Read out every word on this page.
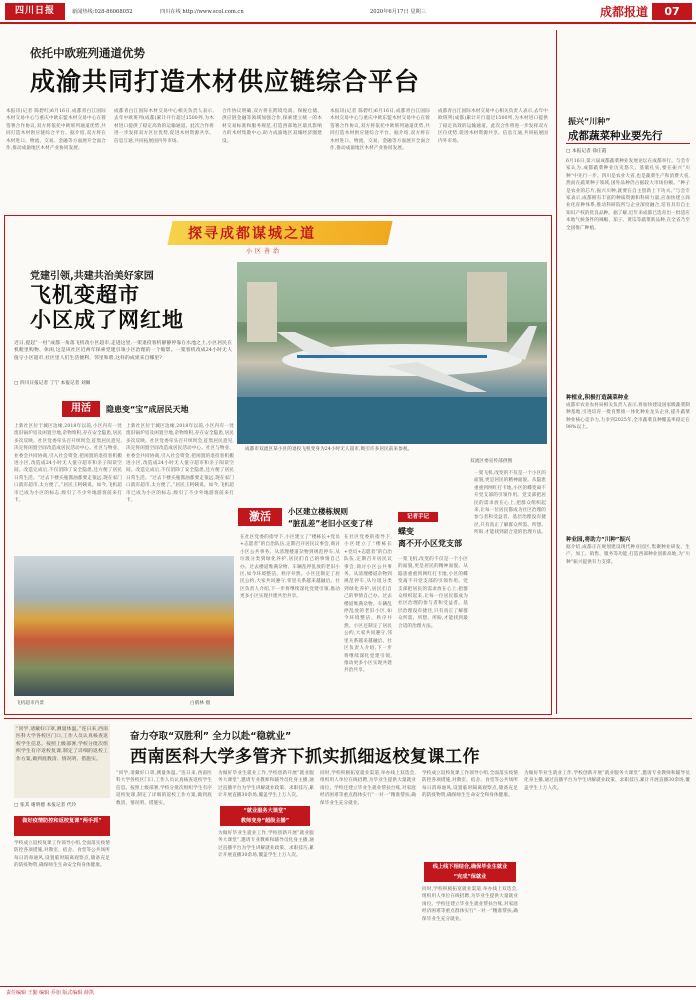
四川日报	新闻热线:028-86068052	四川在线 http://www.scol.com.cn	2020年6月17日 星期三	成都报道	07
依托中欧班列通道优势
成渝共同打造木材供应链综合平台
本报讯(记者 陈碧红)6月16日,成都青白江国际木材交易中心与重庆中欧东盟木材交易中心在蓉签署合作协议,双方将依托中欧班列通道优势,共同打造木材供应链综合平台。据介绍,双方将在木材进口、物流、交易、金融等方面展开全面合作,推动成渝地区木材产业协同发展。
成都青白江国际木材交易中心相关负责人表示,去年中欧班列(成都)累计开行超过1500列,为木材进口提供了稳定高效的运输通道。此次合作将进一步发挥双方区位优势,促进木材资源共享、信息互通,共同拓展国内外市场。
合作协议明确,双方将在跨境电商、保税仓储、供应链金融等领域加强合作,探索建立统一的木材交易标准和服务规范,打造西部地区最具影响力的木材集散中心,助力成渝地区双城经济圈建设。
本报讯(记者 陈碧红)6月16日,成都青白江国际木材交易中心与重庆中欧东盟木材交易中心在蓉签署合作协议,双方将依托中欧班列通道优势,共同打造木材供应链综合平台。据介绍,双方将在木材进口、物流、交易、金融等方面展开全面合作,推动成渝地区木材产业协同发展。
成都青白江国际木材交易中心相关负责人表示,去年中欧班列(成都)累计开行超过1500列,为木材进口提供了稳定高效的运输通道。此次合作将进一步发挥双方区位优势,促进木材资源共享、信息互通,共同拓展国内外市场。
振兴“川种”
成都蔬菜种业要先行
□ 本报记者 徐庄霞
6月16日,第六届成都蔬菜种业发展论坛在成都举行。与会专家认为,成都蔬菜种业历史悠久、基础扎实,要在振兴“川种”中先行一步。四川是农业大省,也是蔬菜生产和消费大省,然而在蔬菜种子领域,国外品种仍占据较大市场份额。“种子是农业的芯片,振兴川种,就要在自主创新上下功夫。”与会专家表示,成都拥有丰富的种质资源和科研力量,应加快建立商业化育种体系,推动科研院所与企业深度融合,培育具有自主知识产权的优良品种。据了解,近年来成都已选育出一批适应本地气候条件的辣椒、茄子、黄瓜等蔬菜新品种,在全省乃至全国推广种植。
种植业,积极打造蔬菜种业
成都市农业农村局相关负责人表示,将加快建设国家级蔬菜制种基地,引进培育一批育繁推一体化种业龙头企业,提升蔬菜种业核心竞争力,力争到2025年,全市蔬菜良种覆盖率稳定在98%以上。
种业园,将助力“川种”振兴
据介绍,成都正在规划建设现代种业园区,集聚种业研发、生产、加工、销售、服务等功能,打造西部种业创新高地,为“川种”振兴提供有力支撑。
探寻成都谋城之道
小区善治
党建引领,共建共治美好家园
飞机变超市
小区成了网红地
近日,提起“一村”成都一角落飞机改小区超市,走进这里,一架退役客机静静停靠在水池之上,小区居民在机舱里购物、休闲,这是该社区近两年探索党建引领小区治理的一个缩影。一架客机改成24小时无人值守小区超市,社区里人们生活便利、邻里和谐,这样的成果来自哪里?
□ 四川日报记者 丁宁 本报记者 刘佩
成都市双流区某小区的退役飞机变身为24小时无人超市,吸引许多居民前来参观。
双流区委宣传部供图
用活	隐患变“宝”成居民天地
上新社区位于城区边缘,2018年以前,小区内有一处废旧锅炉房及闲置空地,杂物堆积,存在安全隐患,居民多次反映。社区党委牵头召开坝坝会,征集居民意见,决定将闲置空间改造成居民活动中心。社区与物业、业委会共同协商,引入社会资金,把闲置的退役客机搬进小区,改造成24小时无人值守超市和亲子阅读空间。改造完成后,不仅消除了安全隐患,还方便了居民日常生活。“过去下楼买瓶酱油都要走很远,现在家门口就有超市,太方便了。”居民王阿姨说。如今,飞机超市已成为小区的标志,吸引了不少外地游客前来打卡。
上新社区位于城区边缘,2018年以前,小区内有一处废旧锅炉房及闲置空地,杂物堆积,存在安全隐患,居民多次反映。社区党委牵头召开坝坝会,征集居民意见,决定将闲置空间改造成居民活动中心。社区与物业、业委会共同协商,引入社会资金,把闲置的退役客机搬进小区,改造成24小时无人值守超市和亲子阅读空间。改造完成后,不仅消除了安全隐患,还方便了居民日常生活。“过去下楼买瓶酱油都要走很远,现在家门口就有超市,太方便了。”居民王阿姨说。如今,飞机超市已成为小区的标志,吸引了不少外地游客前来打卡。
飞机超市内景	白鹤林 摄
激活	小区建立楼栋规则
“脏乱差”老旧小区变了样
在社区党委的指导下,小区建立了“楼栋长+党员+志愿者”的自治队伍,定期召开居民议事会,商讨小区公共事务。从清理楼道杂物到规范停车,从垃圾分类到绿化养护,居民们自己的事情自己办。过去楼道堆满杂物、车辆乱停乱放的老旧小区,如今环境整洁、秩序井然。小区还制定了居民公约,大家共同遵守,邻里关系越来越融洽。社区负责人介绍,下一步将继续深化党建引领,推动更多小区实现共建共治共享。
在社区党委的指导下,小区建立了“楼栋长+党员+志愿者”的自治队伍,定期召开居民议事会,商讨小区公共事务。从清理楼道杂物到规范停车,从垃圾分类到绿化养护,居民们自己的事情自己办。过去楼道堆满杂物、车辆乱停乱放的老旧小区,如今环境整洁、秩序井然。小区还制定了居民公约,大家共同遵守,邻里关系越来越融洽。社区负责人介绍,下一步将继续深化党建引领,推动更多小区实现共建共治共享。
记者手记
蝶变
离不开小区党支部
一架飞机,改变的不仅是一个小区的面貌,更是居民的精神面貌。从隐患重重到网红打卡地,小区的蝶变离不开党支部的引领作用。党支部把居民的需求放在心上,把群众组织起来,让每一位居民都成为社区治理的参与者和受益者。基层治理没有捷径,只有真正了解群众所需、所想、所盼,才能找到最合适的治理方法。
一架飞机,改变的不仅是一个小区的面貌,更是居民的精神面貌。从隐患重重到网红打卡地,小区的蝶变离不开党支部的引领作用。党支部把居民的需求放在心上,把群众组织起来,让每一位居民都成为社区治理的参与者和受益者。基层治理没有捷径,只有真正了解群众所需、所想、所盼,才能找到最合适的治理方法。
“同学,请戴好口罩,测量体温。”连日来,西南医科大学各校区门口,工作人员认真核查返校学生信息。按照上级部署,学校分批次组织学生有序返校复课,制定了详细的返校工作方案,做到底数清、情况明、措施实。
□ 张其 谢明德 本报记者 代玲
奋力夺取“双胜利” 全力以赴“稳就业”
西南医科大学多管齐下抓实抓细返校复课工作
做好疫情防控和返校复课“两手抓”
学校成立返校复课工作领导小组,全面落实疫情防控各项措施,对教室、宿舍、食堂等公共场所每日消毒通风,设置临时隔离观察点,储备充足的防疫物资,确保师生生命安全和身体健康。
“同学,请戴好口罩,测量体温。”连日来,西南医科大学各校区门口,工作人员认真核查返校学生信息。按照上级部署,学校分批次组织学生有序返校复课,制定了详细的返校工作方案,做到底数清、情况明、措施实。
“就业服务大课堂”
教师变身“超级主播”
为做好毕业生就业工作,学校创新开展“就业服务大课堂”,邀请专业教师和辅导员化身主播,通过直播平台为学生讲解就业政策、求职技巧,累计开展直播30余场,覆盖学生上万人次。
为做好毕业生就业工作,学校创新开展“就业服务大课堂”,邀请专业教师和辅导员化身主播,通过直播平台为学生讲解就业政策、求职技巧,累计开展直播30余场,覆盖学生上万人次。
同时,学校积极拓宽就业渠道,举办线上双选会,组织用人单位在线招聘,为毕业生提供大量就业岗位。学校还建立毕业生就业帮扶台账,对家庭经济困难等重点群体实行“一对一”精准帮扶,确保毕业生充分就业。
学校成立返校复课工作领导小组,全面落实疫情防控各项措施,对教室、宿舍、食堂等公共场所每日消毒通风,设置临时隔离观察点,储备充足的防疫物资,确保师生生命安全和身体健康。
线上线下相结合,确保毕业生就业
“完成”保就业
同时,学校积极拓宽就业渠道,举办线上双选会,组织用人单位在线招聘,为毕业生提供大量就业岗位。学校还建立毕业生就业帮扶台账,对家庭经济困难等重点群体实行“一对一”精准帮扶,确保毕业生充分就业。
为做好毕业生就业工作,学校创新开展“就业服务大课堂”,邀请专业教师和辅导员化身主播,通过直播平台为学生讲解就业政策、求职技巧,累计开展直播30余场,覆盖学生上万人次。
责任编辑 王勤 编辑 乔加 版式编辑 薛凯
